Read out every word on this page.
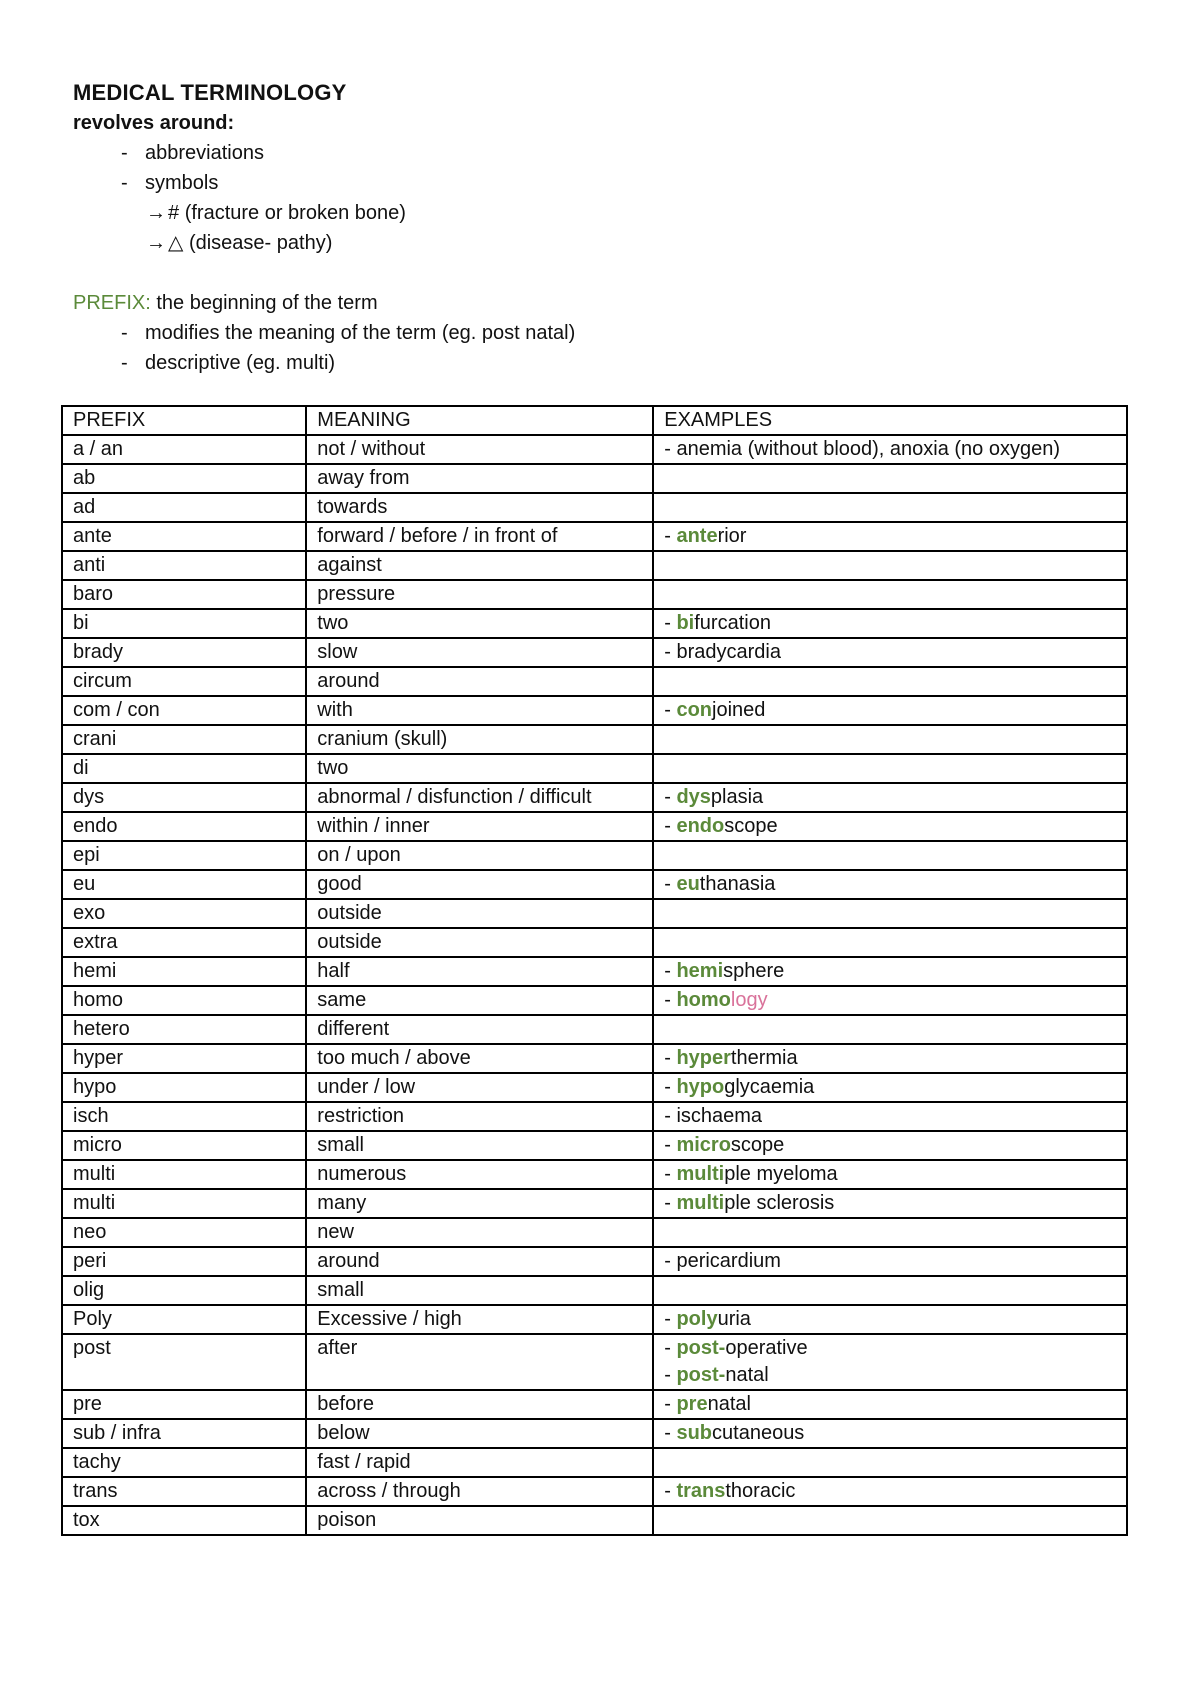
MEDICAL TERMINOLOGY
revolves around:
- abbreviations
- symbols
→ #
(fracture or broken bone)
→ △
(disease- pathy)
PREFIX: the beginning of the term
- modifies the meaning of the term (eg. post natal)
- descriptive (eg. multi)
PREFIX	MEANING	EXAMPLES
a / an	not / without	- anemia (without blood), anoxia (no oxygen)

ab	away from	
ad	towards	
ante	forward / before / in front of	- anterior

anti	against	
baro	pressure	
bi	two	- bifurcation

brady	slow	- bradycardia

circum	around	
com / con	with	- conjoined

crani	cranium (skull)	
di	two	
dys	abnormal / disfunction / difficult	- dysplasia

endo	within / inner	- endoscope

epi	on / upon	
eu	good	- euthanasia

exo	outside	
extra	outside	
hemi	half	- hemisphere

homo	same	- homology

hetero	different	
hyper	too much / above	- hyperthermia

hypo	under / low	- hypoglycaemia

isch	restriction	- ischaema

micro	small	- microscope

multi	numerous	- multiple myeloma

multi	many	- multiple sclerosis

neo	new	
peri	around	- pericardium

olig	small	
Poly	Excessive / high	- polyuria

post	after	- post-operative
- post-natal

pre	before	- prenatal

sub / infra	below	- subcutaneous

tachy	fast / rapid	
trans	across / through	- transthoracic

tox	poison	
